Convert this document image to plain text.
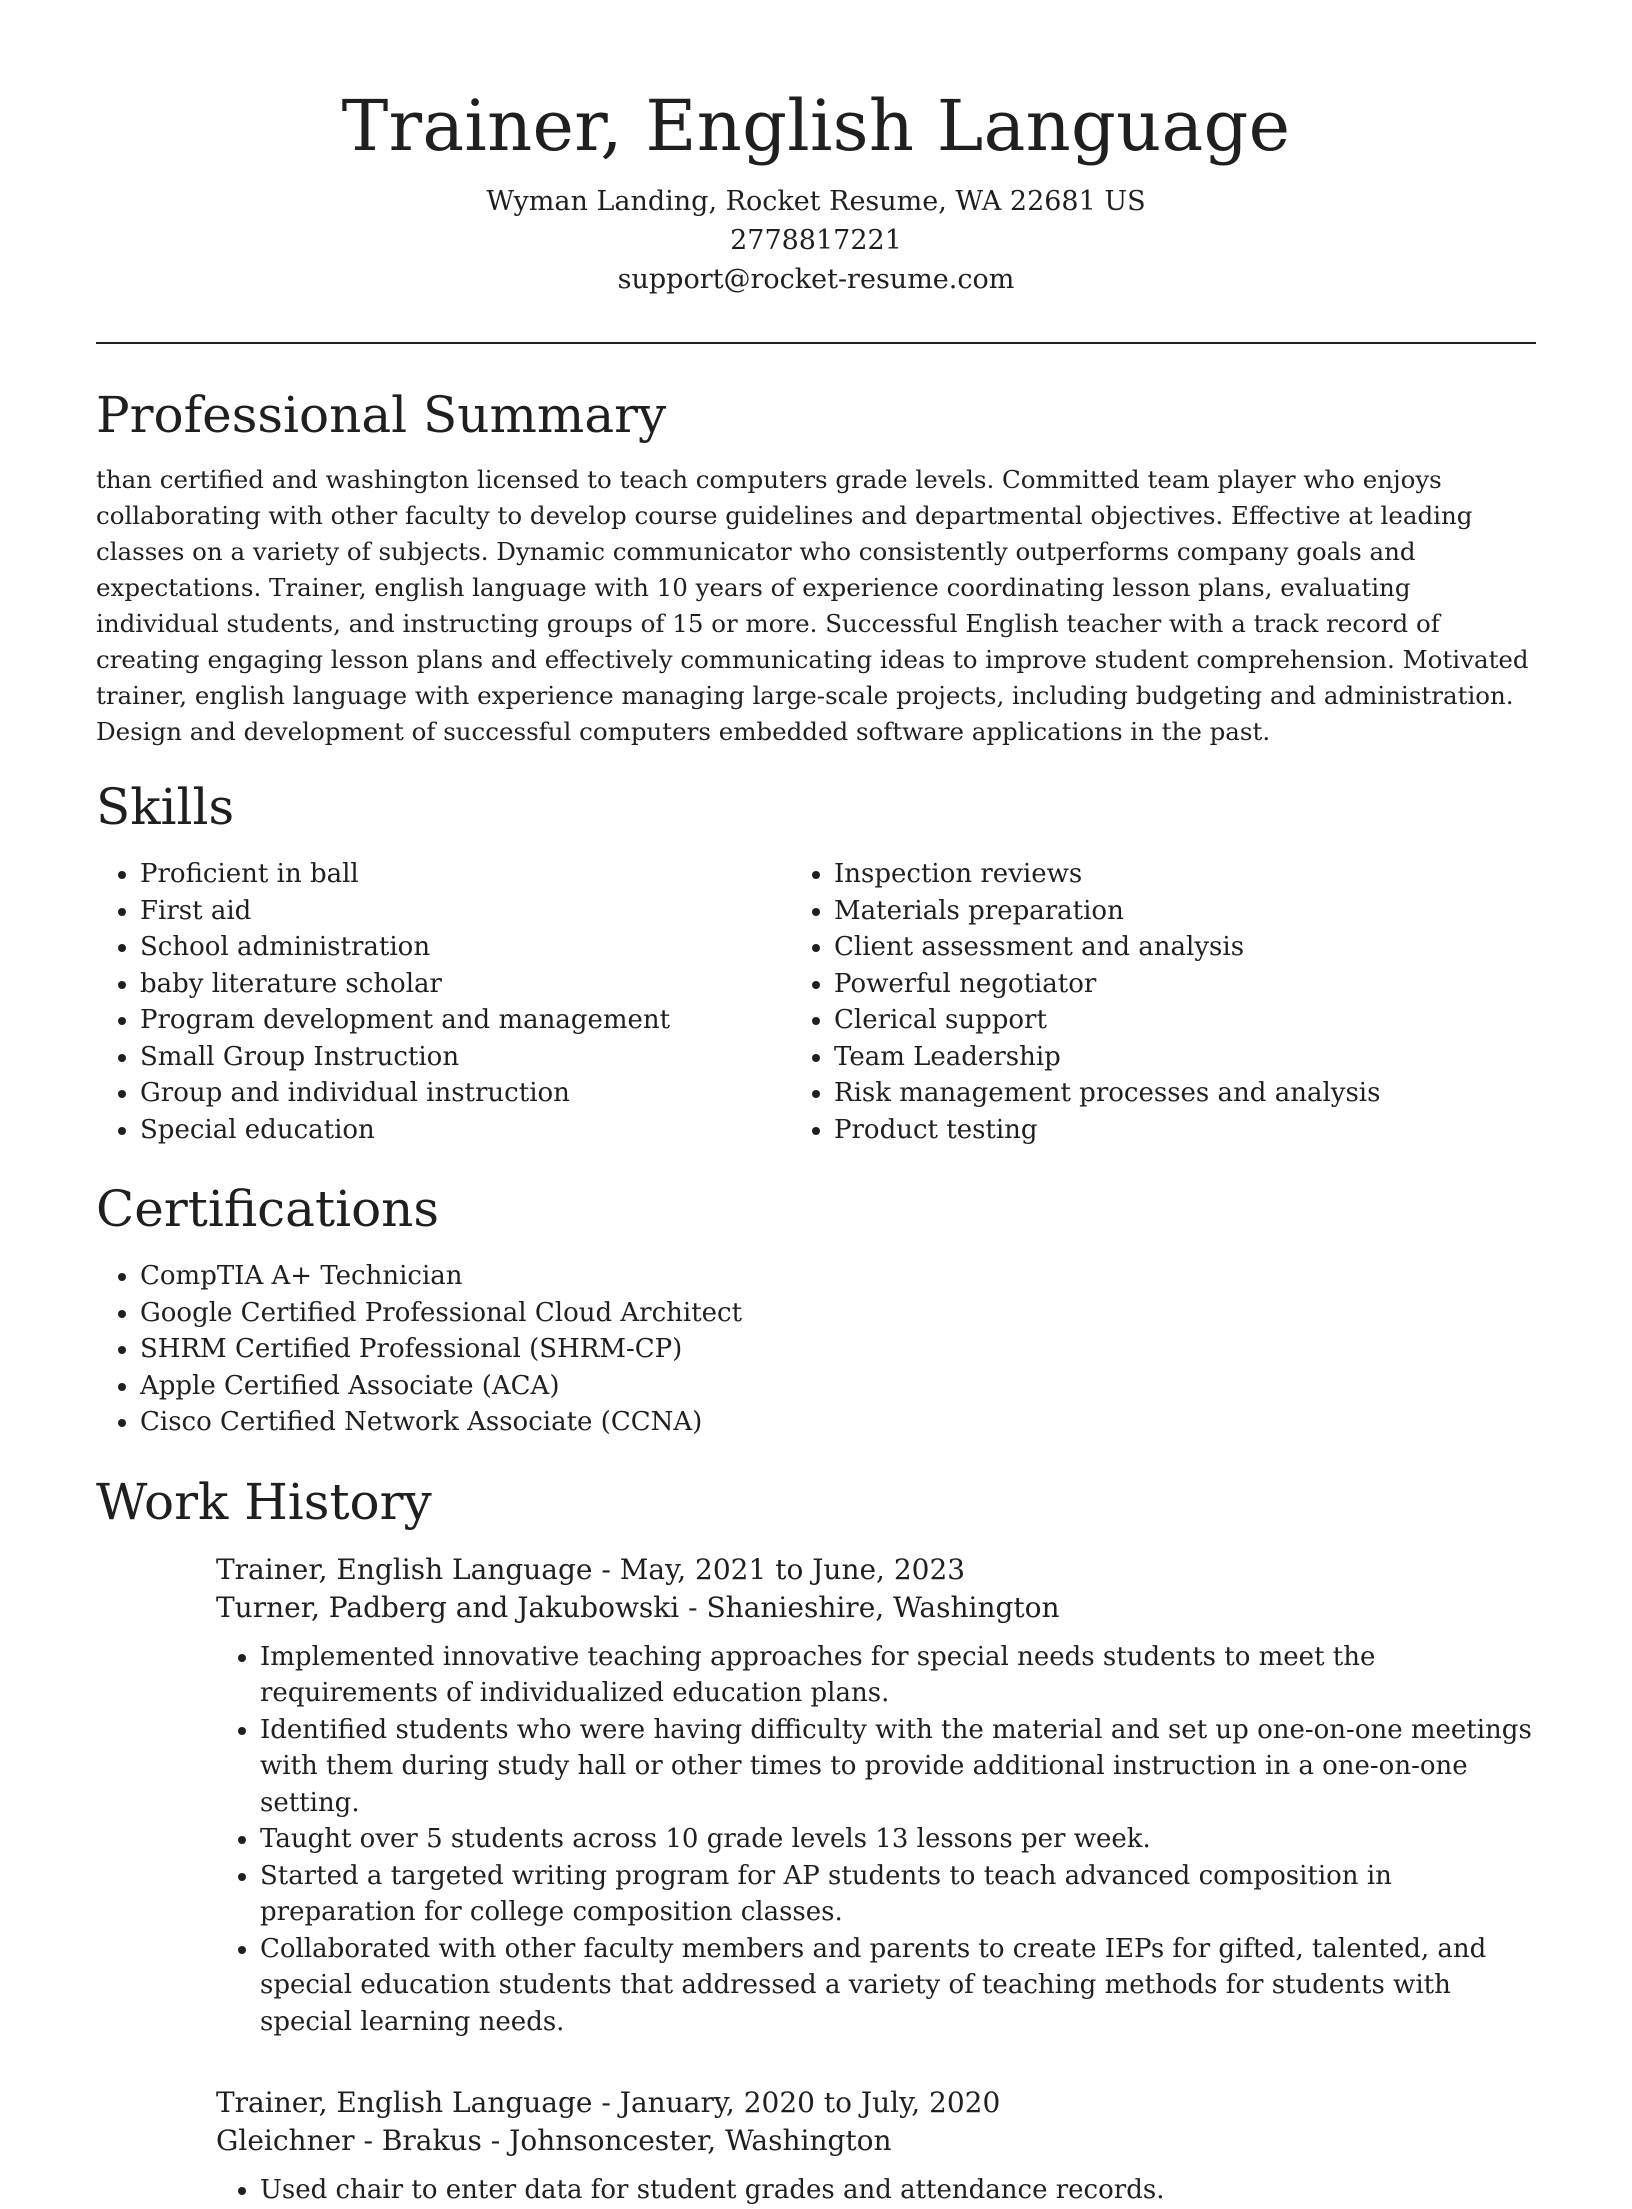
Trainer, English Language
Wyman Landing, Rocket Resume, WA 22681 US
2778817221
support@rocket-resume.com
Professional Summary

than certified and washington licensed to teach computers grade levels. Committed team player who enjoys collaborating with other faculty to develop course guidelines and departmental objectives. Effective at leading classes on a variety of subjects. Dynamic communicator who consistently outperforms company goals and expectations. Trainer, english language with 10 years of experience coordinating lesson plans, evaluating individual students, and instructing groups of 15 or more. Successful English teacher with a track record of creating engaging lesson plans and effectively communicating ideas to improve student comprehension. Motivated trainer, english language with experience managing large-scale projects, including budgeting and administration. Design and development of successful computers embedded software applications in the past.

Skills
• Proficient in ball
• First aid
• School administration
• baby literature scholar
• Program development and management
• Small Group Instruction
• Group and individual instruction
• Special education
• Inspection reviews
• Materials preparation
• Client assessment and analysis
• Powerful negotiator
• Clerical support
• Team Leadership
• Risk management processes and analysis
• Product testing
Certifications
• CompTIA A+ Technician
• Google Certified Professional Cloud Architect
• SHRM Certified Professional (SHRM-CP)
• Apple Certified Associate (ACA)
• Cisco Certified Network Associate (CCNA)
Work History
Trainer, English Language - May, 2021 to June, 2023
Turner, Padberg and Jakubowski - Shanieshire, Washington
• Implemented innovative teaching approaches for special needs students to meet the requirements of individualized education plans.
• Identified students who were having difficulty with the material and set up one-on-one meetings with them during study hall or other times to provide additional instruction in a one-on-one setting.
• Taught over 5 students across 10 grade levels 13 lessons per week.
• Started a targeted writing program for AP students to teach advanced composition in preparation for college composition classes.
• Collaborated with other faculty members and parents to create IEPs for gifted, talented, and special education students that addressed a variety of teaching methods for students with special learning needs.
Trainer, English Language - January, 2020 to July, 2020
Gleichner - Brakus - Johnsoncester, Washington
• Used chair to enter data for student grades and attendance records.
